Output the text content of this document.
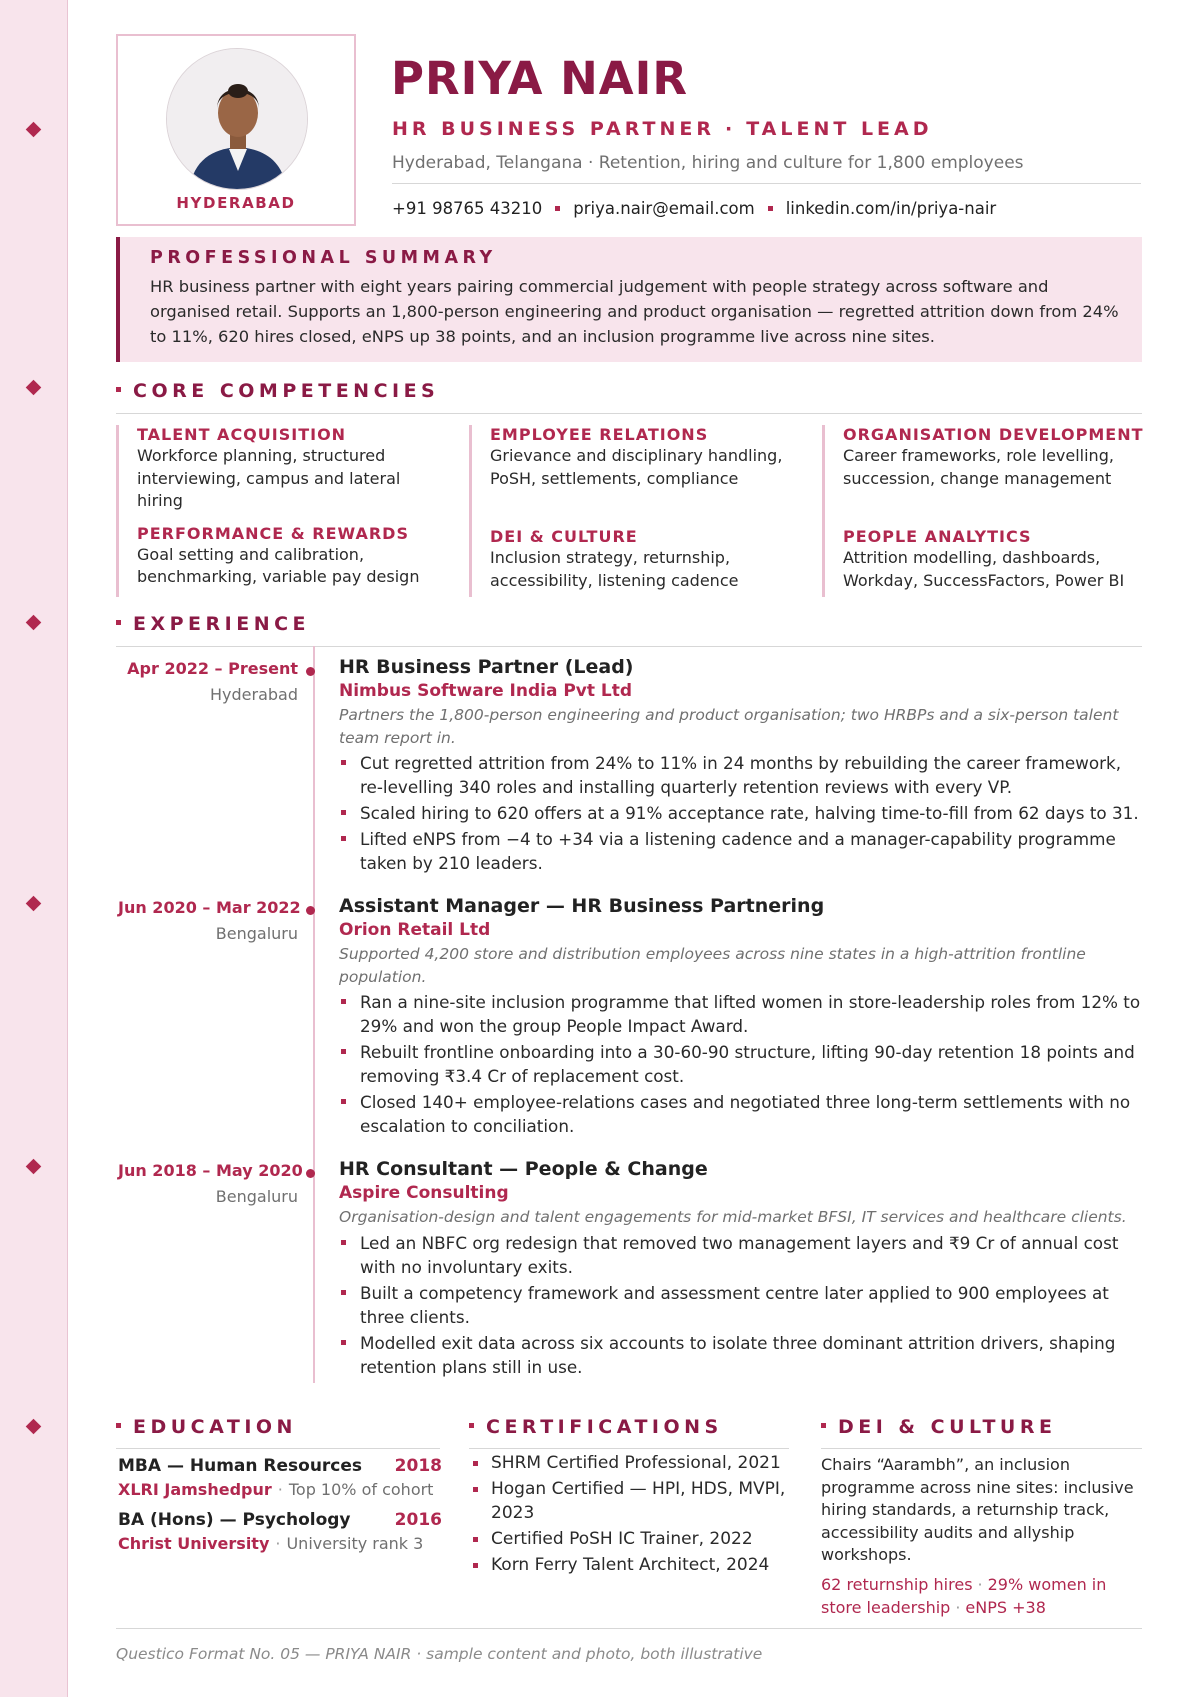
HYDERABAD
PRIYA NAIR
HR BUSINESS PARTNER · TALENT LEAD
Hyderabad, Telangana · Retention, hiring and culture for 1,800 employees
+91 98765 43210 priya.nair@email.com linkedin.com/in/priya-nair
PROFESSIONAL SUMMARY
HR business partner with eight years pairing commercial judgement with people strategy across software and organised retail. Supports an 1,800-person engineering and product organisation — regretted attrition down from 24% to 11%, 620 hires closed, eNPS up 38 points, and an inclusion programme live across nine sites.
CORE COMPETENCIES
TALENT ACQUISITION
Workforce planning, structured interviewing, campus and lateral hiring
PERFORMANCE & REWARDS
Goal setting and calibration, benchmarking, variable pay design
EMPLOYEE RELATIONS
Grievance and disciplinary handling, PoSH, settlements, compliance
DEI & CULTURE
Inclusion strategy, returnship, accessibility, listening cadence
ORGANISATION DEVELOPMENT
Career frameworks, role levelling, succession, change management
PEOPLE ANALYTICS
Attrition modelling, dashboards, Workday, SuccessFactors, Power BI
EXPERIENCE
Apr 2022 – Present
Hyderabad
HR Business Partner (Lead)
Nimbus Software India Pvt Ltd
Partners the 1,800-person engineering and product organisation; two HRBPs and a six-person talent team report in.
Cut regretted attrition from 24% to 11% in 24 months by rebuilding the career framework, re-levelling 340 roles and installing quarterly retention reviews with every VP.
Scaled hiring to 620 offers at a 91% acceptance rate, halving time-to-fill from 62 days to 31.
Lifted eNPS from −4 to +34 via a listening cadence and a manager-capability programme taken by 210 leaders.
Jun 2020 – Mar 2022
Bengaluru
Assistant Manager — HR Business Partnering
Orion Retail Ltd
Supported 4,200 store and distribution employees across nine states in a high-attrition frontline population.
Ran a nine-site inclusion programme that lifted women in store-leadership roles from 12% to 29% and won the group People Impact Award.
Rebuilt frontline onboarding into a 30-60-90 structure, lifting 90-day retention 18 points and removing ₹3.4 Cr of replacement cost.
Closed 140+ employee-relations cases and negotiated three long-term settlements with no escalation to conciliation.
Jun 2018 – May 2020
Bengaluru
HR Consultant — People & Change
Aspire Consulting
Organisation-design and talent engagements for mid-market BFSI, IT services and healthcare clients.
Led an NBFC org redesign that removed two management layers and ₹9 Cr of annual cost with no involuntary exits.
Built a competency framework and assessment centre later applied to 900 employees at three clients.
Modelled exit data across six accounts to isolate three dominant attrition drivers, shaping retention plans still in use.
EDUCATION
MBA — Human Resources 2018
XLRI Jamshedpur · Top 10% of cohort
BA (Hons) — Psychology	2016
Christ University · University rank 3
CERTIFICATIONS
SHRM Certified Professional, 2021
Hogan Certified — HPI, HDS, MVPI, 2023
Certified PoSH IC Trainer, 2022
Korn Ferry Talent Architect, 2024
DEI & CULTURE
Chairs “Aarambh”, an inclusion programme across nine sites: inclusive hiring standards, a returnship track, accessibility audits and allyship workshops.
62 returnship hires · 29% women in store leadership · eNPS +38
Questico Format No. 05 — PRIYA NAIR · sample content and photo, both illustrative
